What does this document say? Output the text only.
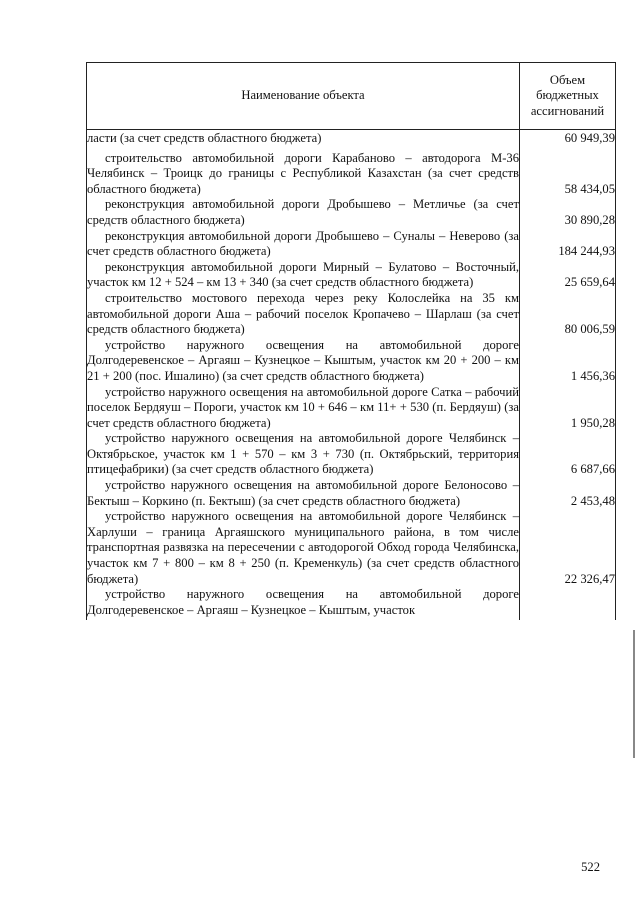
Наименование объекта	Объем бюджетных ассигнований
ласти (за счет средств областного бюджета)	60 949,39
строительство автомобильной дороги Карабаново – автодорога М-36 Челябинск – Троицк до границы с Республикой Казахстан (за счет средств областного бюджета)	58 434,05
реконструкция автомобильной дороги Дробышево – Метличье (за счет средств областного бюджета)	30 890,28
реконструкция автомобильной дороги Дробышево – Суналы – Неверово (за счет средств областного бюджета)	184 244,93
реконструкция автомобильной дороги Мирный – Булатово – Восточный, участок км 12 + 524 – км 13 + 340 (за счет средств областного бюджета)	25 659,64
строительство мостового перехода через реку Колослейка на 35 км автомобильной дороги Аша – рабочий поселок Кропачево – Шарлаш (за счет средств областного бюджета)	80 006,59
устройство наружного освещения на автомобильной дороге Долгодеревенское – Аргаяш – Кузнецкое – Кыштым, участок км 20 + 200 – км 21 + 200 (пос. Ишалино) (за счет средств областного бюджета)	1 456,36
устройство наружного освещения на автомобильной дороге Сатка – рабочий поселок Бердяуш – Пороги, участок км 10 + 646 – км 11+ + 530 (п. Бердяуш) (за счет средств областного бюджета)	1 950,28
устройство наружного освещения на автомобильной дороге Челябинск – Октябрьское, участок км 1 + 570 – км 3 + 730 (п. Октябрьский, территория птицефабрики) (за счет средств областного бюджета)	6 687,66
устройство наружного освещения на автомобильной дороге Белоносово – Бектыш – Коркино (п. Бектыш) (за счет средств областного бюджета)	2 453,48
устройство наружного освещения на автомобильной дороге Челябинск – Харлуши – граница Аргаяшского муниципального района, в том числе транспортная развязка на пересечении с автодорогой Обход города Челябинска, участок км 7 + 800 – км 8 + 250 (п. Кременкуль) (за счет средств областного бюджета)	22 326,47
устройство наружного освещения на автомобильной дороге Долгодеревенское – Аргаяш – Кузнецкое – Кыштым, участок	
522
